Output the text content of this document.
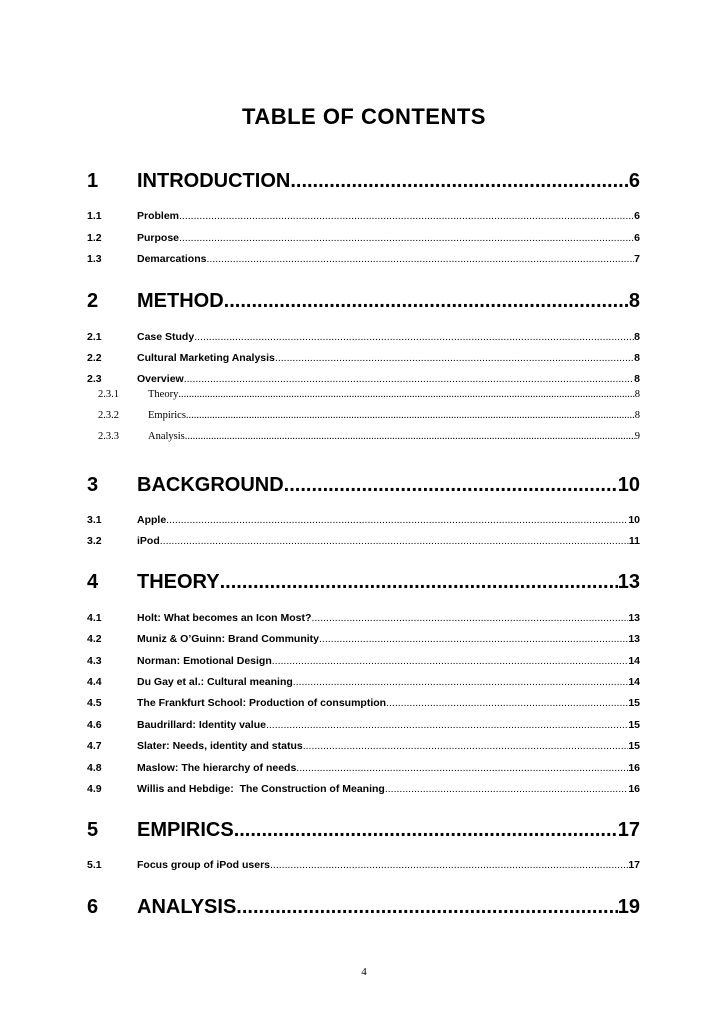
TABLE OF CONTENTS
1	INTRODUCTION .....	6
1.1	Problem .....	6
1.2	Purpose .....	6
1.3	Demarcations .....	7
2	METHOD .....	8
2.1	Case Study .....	8
2.2	Cultural Marketing Analysis .....	8
2.3	Overview .....	8
2.3.1	Theory .....	8
2.3.2	Empirics .....	8
2.3.3	Analysis .....	9
3	BACKGROUND .....	10
3.1	Apple .....	10
3.2	iPod .....	11
4	THEORY .....	13
4.1	Holt: What becomes an Icon Most? .....	13
4.2	Muniz & O’Guinn: Brand Community .....	13
4.3	Norman: Emotional Design .....	14
4.4	Du Gay et al.: Cultural meaning .....	14
4.5	The Frankfurt School: Production of consumption .....	15
4.6	Baudrillard: Identity value .....	15
4.7	Slater: Needs, identity and status .....	15
4.8	Maslow: The hierarchy of needs .....	16
4.9	Willis and Hebdige:  The Construction of Meaning .....	16
5	EMPIRICS .....	17
5.1	Focus group of iPod users .....	17
6	ANALYSIS .....	19
4
